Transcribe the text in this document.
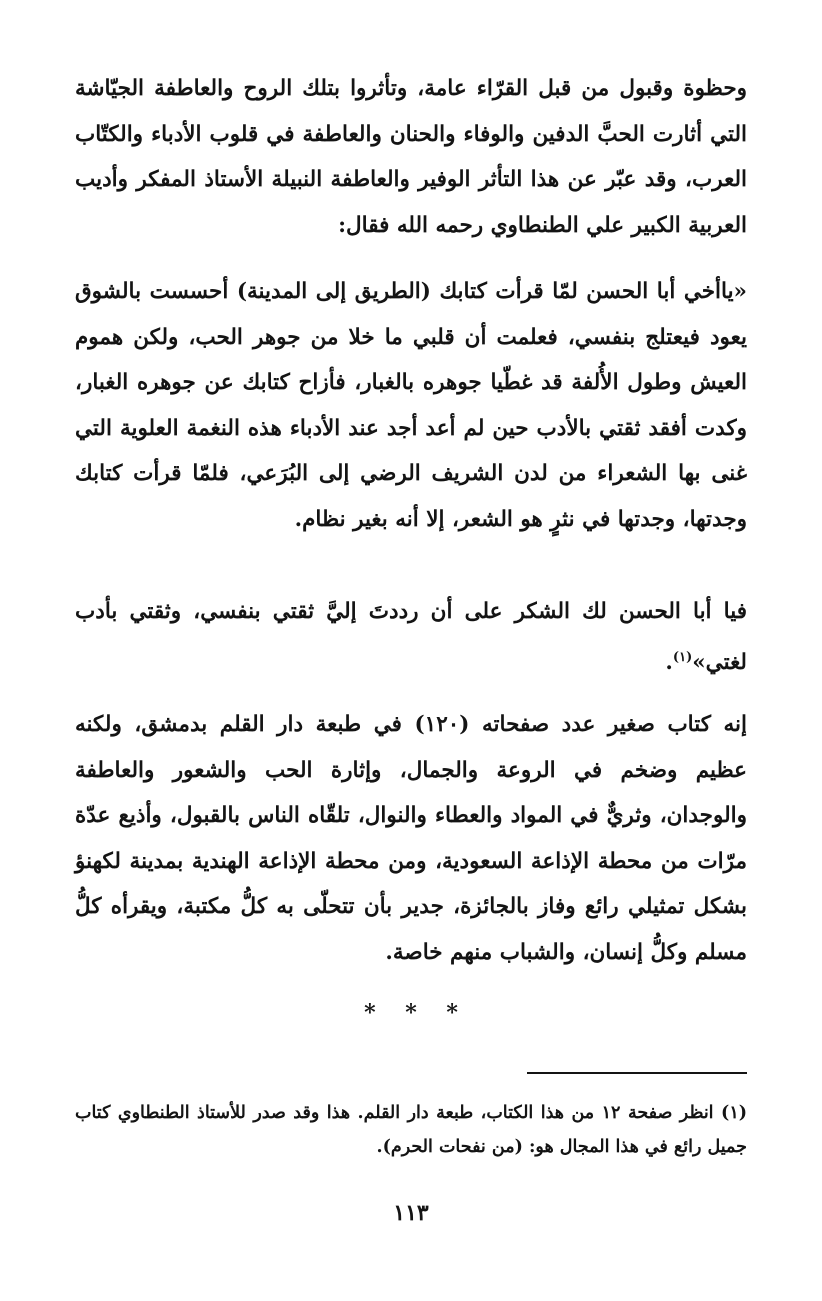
وحظوة وقبول من قبل القرّاء عامة، وتأثروا بتلك الروح والعاطفة الجيّاشة التي أثارت الحبَّ الدفين والوفاء والحنان والعاطفة في قلوب الأدباء والكتّاب العرب، وقد عبّر عن هذا التأثر الوفير والعاطفة النبيلة الأستاذ المفكر وأديب العربية الكبير علي الطنطاوي رحمه الله فقال:

«ياأخي أبا الحسن لمّا قرأت كتابك (الطريق إلى المدينة) أحسست بالشوق يعود فيعتلج بنفسي، فعلمت أن قلبي ما خلا من جوهر الحب، ولكن هموم العيش وطول الأُلفة قد غطّيا جوهره بالغبار، فأزاح كتابك عن جوهره الغبار، وكدت أفقد ثقتي بالأدب حين لم أعد أجد عند الأدباء هذه النغمة العلوية التي غنى بها الشعراء من لدن الشريف الرضي إلى البُرَعي، فلمّا قرأت كتابك وجدتها، وجدتها في نثرٍ هو الشعر، إلا أنه بغير نظام.

فيا أبا الحسن لك الشكر على أن رددتَ إليَّ ثقتي بنفسي، وثقتي بأدب لغتي»$^{(١)}$.

إنه كتاب صغير عدد صفحاته (١٢٠) في طبعة دار القلم بدمشق، ولكنه عظيم وضخم في الروعة والجمال، وإثارة الحب والشعور والعاطفة والوجدان، وثريٌّ في المواد والعطاء والنوال، تلقّاه الناس بالقبول، وأذيع عدّة مرّات من محطة الإذاعة السعودية، ومن محطة الإذاعة الهندية بمدينة لكهنؤ بشكل تمثيلي رائع وفاز بالجائزة، جدير بأن تتحلّى به كلُّ مكتبة، ويقرأه كلُّ مسلم وكلُّ إنسان، والشباب منهم خاصة.

* * *

(١) انظر صفحة ١٢ من هذا الكتاب، طبعة دار القلم. هذا وقد صدر للأستاذ الطنطاوي كتاب جميل رائع في هذا المجال هو: (من نفحات الحرم).

١١٣
